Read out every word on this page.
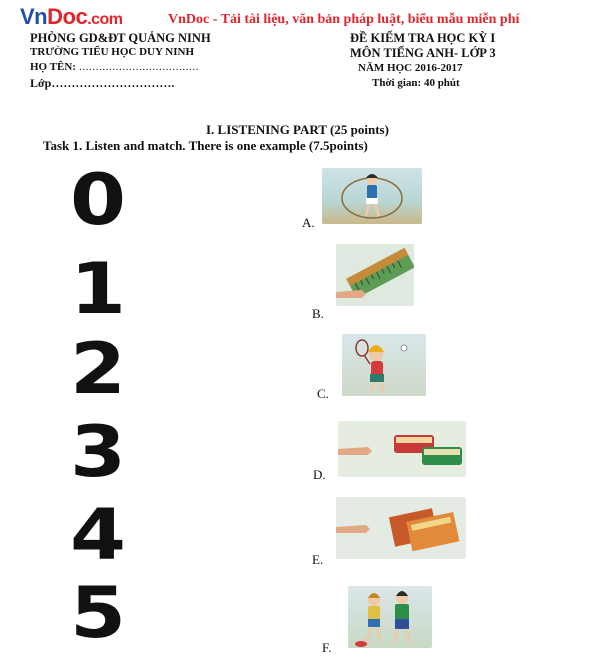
VnDoc.com	VnDoc - Tải tài liệu, văn bản pháp luật, biểu mẫu miễn phí
PHÒNG GD&ĐT QUẢNG NINH
TRƯỜNG TIỂU HỌC DUY NINH
HỌ TÊN: ………………………………
Lớp………………………….
ĐỀ KIỂM TRA HỌC KỲ I
MÔN TIẾNG ANH- LỚP 3
NĂM HỌC 2016-2017
Thời gian: 40 phút
I. LISTENING PART (25 points)
Task 1. Listen and match. There is one example (7.5points)
0
1
2
3
4
5
A.
B.
C.
D.
E.
F.
